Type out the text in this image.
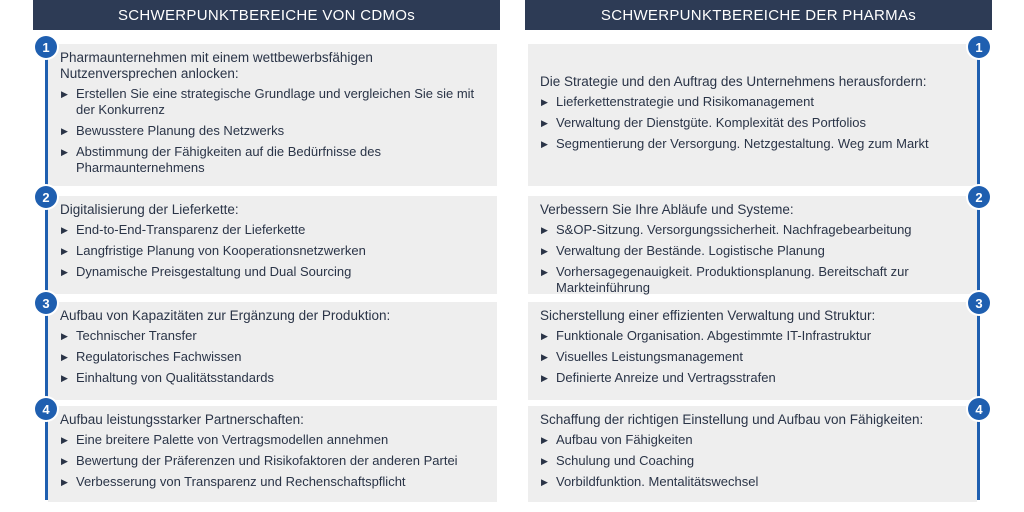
SCHWERPUNKTBEREICHE VON CDMOs
1
Pharmaunternehmen mit einem wettbewerbsfähigen Nutzenversprechen anlocken:
▶ Erstellen Sie eine strategische Grundlage und vergleichen Sie sie mit der Konkurrenz
▶ Bewusstere Planung des Netzwerks
▶ Abstimmung der Fähigkeiten auf die Bedürfnisse des Pharmaunternehmens
2
Digitalisierung der Lieferkette:
▶ End-to-End-Transparenz der Lieferkette
▶ Langfristige Planung von Kooperationsnetzwerken
▶ Dynamische Preisgestaltung und Dual Sourcing
3
Aufbau von Kapazitäten zur Ergänzung der Produktion:
▶ Technischer Transfer
▶ Regulatorisches Fachwissen
▶ Einhaltung von Qualitätsstandards
4
Aufbau leistungsstarker Partnerschaften:
▶ Eine breitere Palette von Vertragsmodellen annehmen
▶ Bewertung der Präferenzen und Risikofaktoren der anderen Partei
▶ Verbesserung von Transparenz und Rechenschaftspflicht
SCHWERPUNKTBEREICHE DER PHARMAs
1
Die Strategie und den Auftrag des Unternehmens herausfordern:
▶ Lieferkettenstrategie und Risikomanagement
▶ Verwaltung der Dienstgüte. Komplexität des Portfolios
▶ Segmentierung der Versorgung. Netzgestaltung. Weg zum Markt
2
Verbessern Sie Ihre Abläufe und Systeme:
▶ S&OP-Sitzung. Versorgungssicherheit. Nachfragebearbeitung
▶ Verwaltung der Bestände. Logistische Planung
▶ Vorhersagegenauigkeit. Produktionsplanung. Bereitschaft zur Markteinführung
3
Sicherstellung einer effizienten Verwaltung und Struktur:
▶ Funktionale Organisation. Abgestimmte IT-Infrastruktur
▶ Visuelles Leistungsmanagement
▶ Definierte Anreize und Vertragsstrafen
4
Schaffung der richtigen Einstellung und Aufbau von Fähigkeiten:
▶ Aufbau von Fähigkeiten
▶ Schulung und Coaching
▶ Vorbildfunktion. Mentalitätswechsel
